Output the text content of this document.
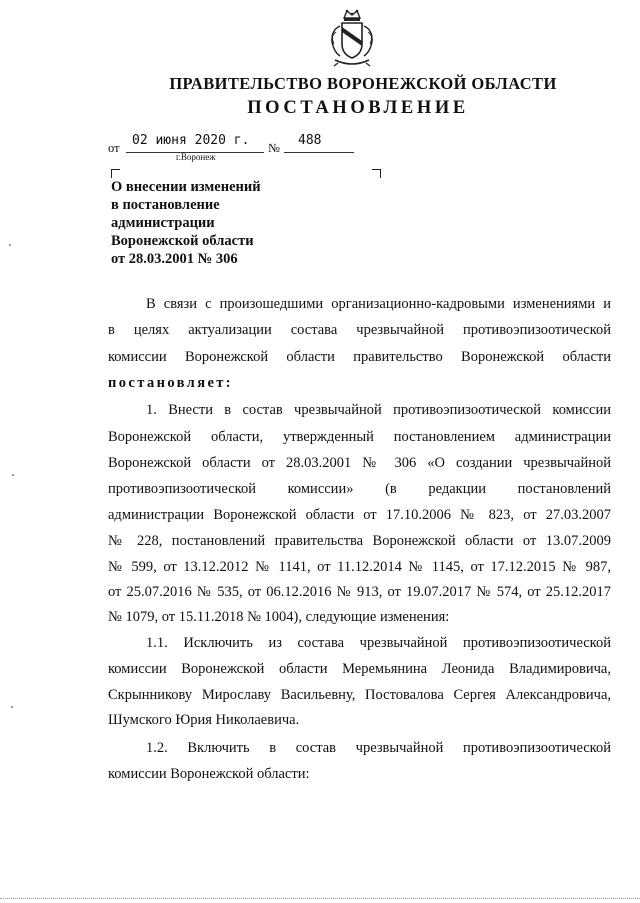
ПРАВИТЕЛЬСТВО ВОРОНЕЖСКОЙ ОБЛАСТИ
ПОСТАНОВЛЕНИЕ
от 02 июня 2020 г. № 488
г.Воронеж
О внесении изменений
в постановление
администрации
Воронежской области
от 28.03.2001 № 306
В связи с произошедшими организационно-кадровыми изменениями и
в целях актуализации состава чрезвычайной противоэпизоотической
комиссии Воронежской области правительство Воронежской области
постановляет:
1. Внести в состав чрезвычайной противоэпизоотической комиссии
Воронежской области, утвержденный постановлением администрации
Воронежской области от 28.03.2001 № 306 «О создании чрезвычайной
противоэпизоотической комиссии» (в редакции постановлений
администрации Воронежской области от 17.10.2006 № 823, от 27.03.2007
№ 228, постановлений правительства Воронежской области от 13.07.2009
№ 599, от 13.12.2012 № 1141, от 11.12.2014 № 1145, от 17.12.2015 № 987,
от 25.07.2016 № 535, от 06.12.2016 № 913, от 19.07.2017 № 574, от 25.12.2017
№ 1079, от 15.11.2018 № 1004), следующие изменения:
1.1. Исключить из состава чрезвычайной противоэпизоотической
комиссии Воронежской области Меремьянина Леонида Владимировича,
Скрынникову Мирославу Васильевну, Постовалова Сергея Александровича,
Шумского Юрия Николаевича.
1.2. Включить в состав чрезвычайной противоэпизоотической
комиссии Воронежской области:
